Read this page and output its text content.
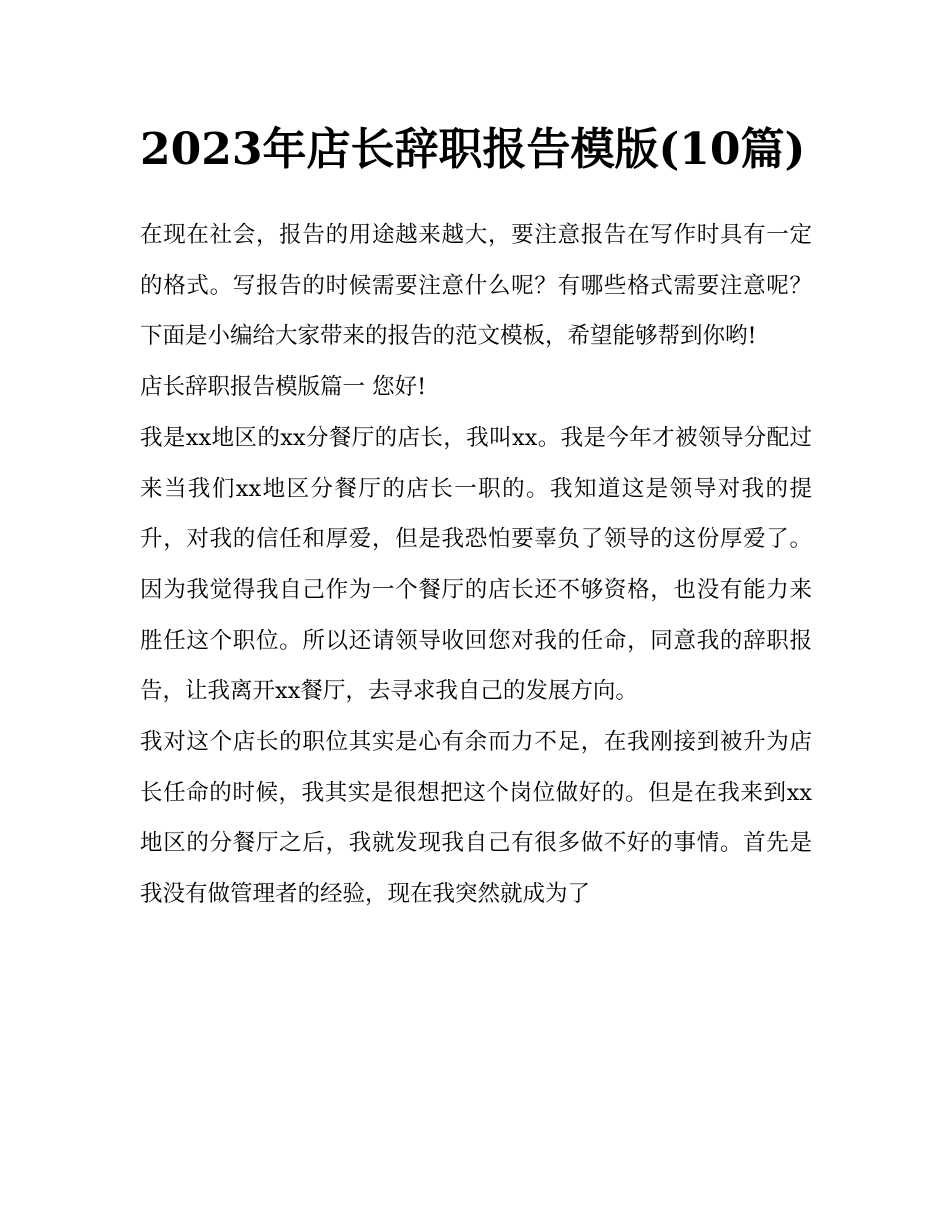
2023年店长辞职报告模版(10篇)

在现在社会，报告的用途越来越大，要注意报告在写作时具有一定的格式。写报告的时候需要注意什么呢？有哪些格式需要注意呢？下面是小编给大家带来的报告的范文模板，希望能够帮到你哟!

店长辞职报告模版篇一 您好!

我是xx地区的xx分餐厅的店长，我叫xx。我是今年才被领导分配过来当我们xx地区分餐厅的店长一职的。我知道这是领导对我的提升，对我的信任和厚爱，但是我恐怕要辜负了领导的这份厚爱了。因为我觉得我自己作为一个餐厅的店长还不够资格，也没有能力来胜任这个职位。所以还请领导收回您对我的任命，同意我的辞职报告，让我离开xx餐厅，去寻求我自己的发展方向。

我对这个店长的职位其实是心有余而力不足，在我刚接到被升为店长任命的时候，我其实是很想把这个岗位做好的。但是在我来到xx地区的分餐厅之后，我就发现我自己有很多做不好的事情。首先是我没有做管理者的经验，现在我突然就成为了
